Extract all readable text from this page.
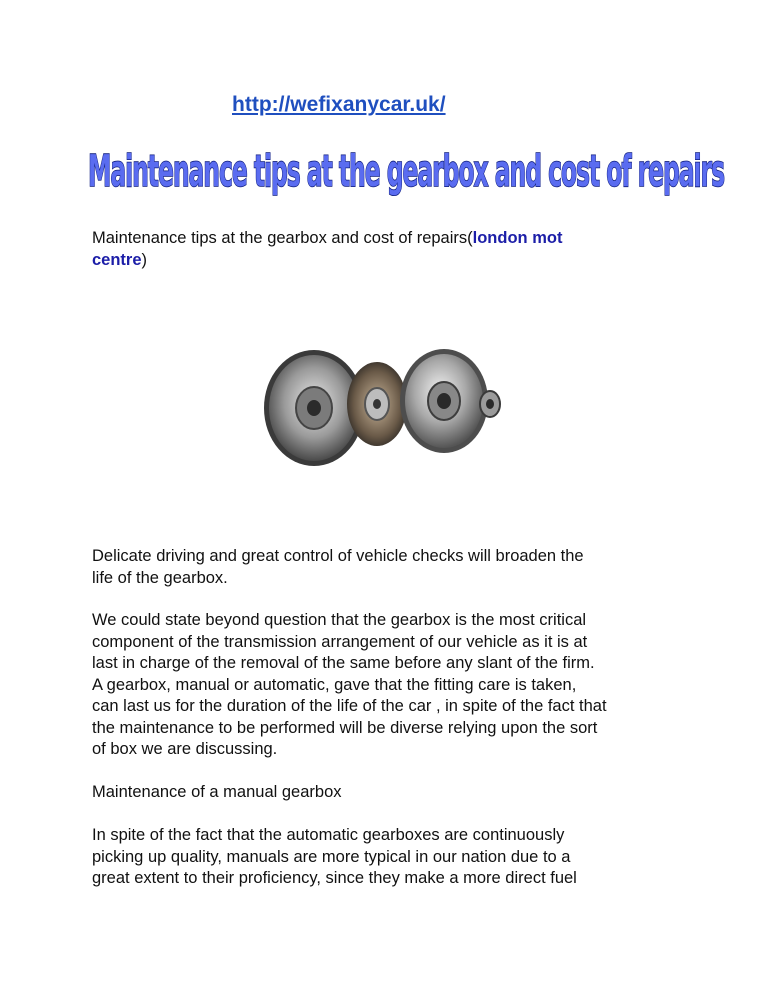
http://wefixanycar.uk/
Maintenance tips at the gearbox and cost of repairs
Maintenance tips at the gearbox and cost of repairs(london mot
centre)
Delicate driving and great control of vehicle checks will broaden the
life of the gearbox.
We could state beyond question that the gearbox is the most critical
component of the transmission arrangement of our vehicle as it is at
last in charge of the removal of the same before any slant of the firm.
A gearbox, manual or automatic, gave that the fitting care is taken,
can last us for the duration of the life of the car , in spite of the fact that
the maintenance to be performed will be diverse relying upon the sort
of box we are discussing.
Maintenance of a manual gearbox
In spite of the fact that the automatic gearboxes are continuously
picking up quality, manuals are more typical in our nation due to a
great extent to their proficiency, since they make a more direct fuel
